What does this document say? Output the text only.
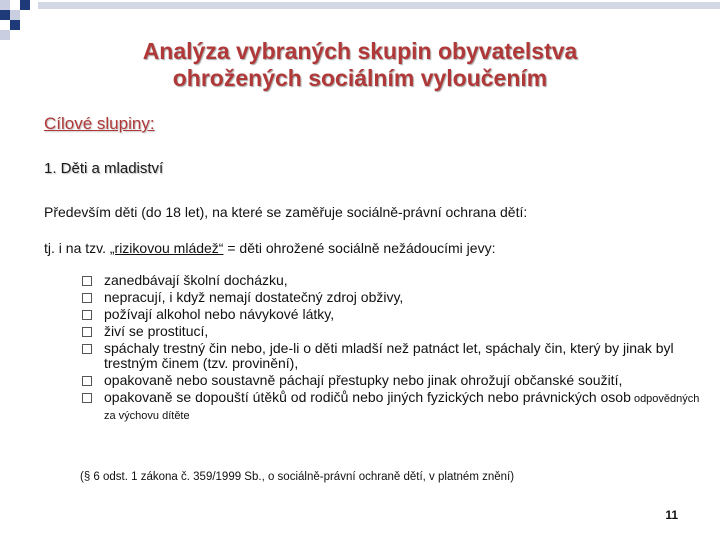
Analýza vybraných skupin obyvatelstva
ohrožených sociálním vyloučením
Cílové slupiny:
1. Děti a mladiství
Především děti (do 18 let), na které se zaměřuje sociálně-právní ochrana dětí:
tj. i na tzv. „rizikovou mládež“ = děti ohrožené sociálně nežádoucími jevy:
zanedbávají školní docházku,
nepracují, i když nemají dostatečný zdroj obživy,
požívají alkohol nebo návykové látky,
živí se prostitucí,
spáchaly trestný čin nebo, jde-li o děti mladší než patnáct let, spáchaly čin, který by jinak byl trestným činem (tzv. provinění),
opakovaně nebo soustavně páchají přestupky nebo jinak ohrožují občanské soužití,
opakovaně se dopouští útěků od rodičů nebo jiných fyzických nebo právnických osob odpovědných za výchovu dítěte
(§ 6 odst. 1 zákona č. 359/1999 Sb., o sociálně-právní ochraně dětí, v platném znění)
11
